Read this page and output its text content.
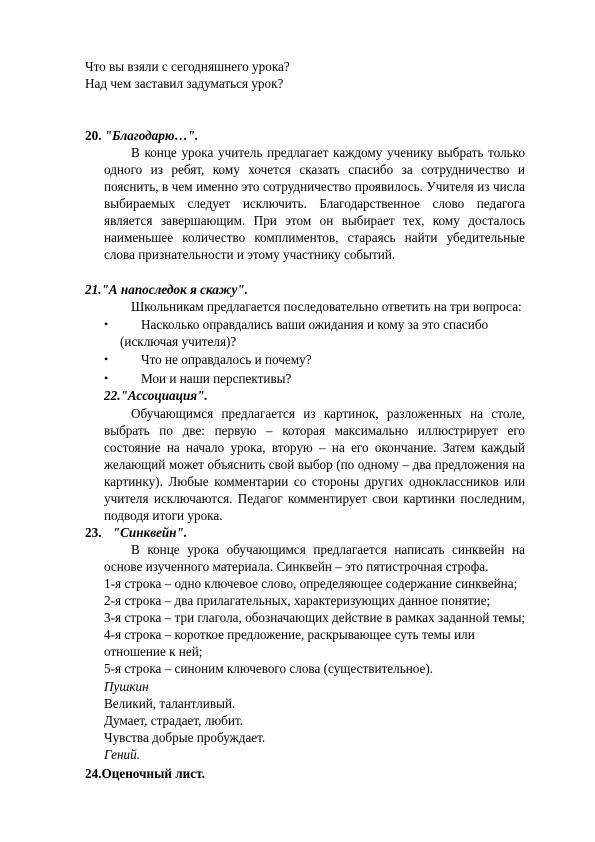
Что вы взяли с сегодняшнего урока?
Над чем заставил задуматься урок?
20. "Благодарю…".
В конце урока учитель предлагает каждому ученику выбрать только
одного из ребят, кому хочется сказать спасибо за сотрудничество и
пояснить, в чем именно это сотрудничество проявилось. Учителя из числа
выбираемых следует исключить. Благодарственное слово педагога
является завершающим. При этом он выбирает тех, кому досталось
наименьшее количество комплиментов, стараясь найти убедительные
слова признательности и этому участнику событий.
21."А напоследок я скажу".
Школьникам предлагается последовательно ответить на три вопроса:
• Насколько оправдались ваши ожидания и кому за это спасибо
(исключая учителя)?
• Что не оправдалось и почему?
• Мои и наши перспективы?
22."Ассоциация".
Обучающимся предлагается из картинок, разложенных на столе,
выбрать по две: первую – которая максимально иллюстрирует его
состояние на начало урока, вторую – на его окончание. Затем каждый
желающий может объяснить свой выбор (по одному – два предложения на
картинку). Любые комментарии со стороны других одноклассников или
учителя исключаются. Педагог комментирует свои картинки последним,
подводя итоги урока.
23. "Синквейн".
В конце урока обучающимся предлагается написать синквейн на
основе изученного материала. Синквейн – это пятистрочная строфа.
1-я строка – одно ключевое слово, определяющее содержание синквейна;
2-я строка – два прилагательных, характеризующих данное понятие;
3-я строка – три глагола, обозначающих действие в рамках заданной темы;
4-я строка – короткое предложение, раскрывающее суть темы или
отношение к ней;
5-я строка – синоним ключевого слова (существительное).
Пушкин
Великий, талантливый.
Думает, страдает, любит.
Чувства добрые пробуждает.
Гений.
24.Оценочный лист.
